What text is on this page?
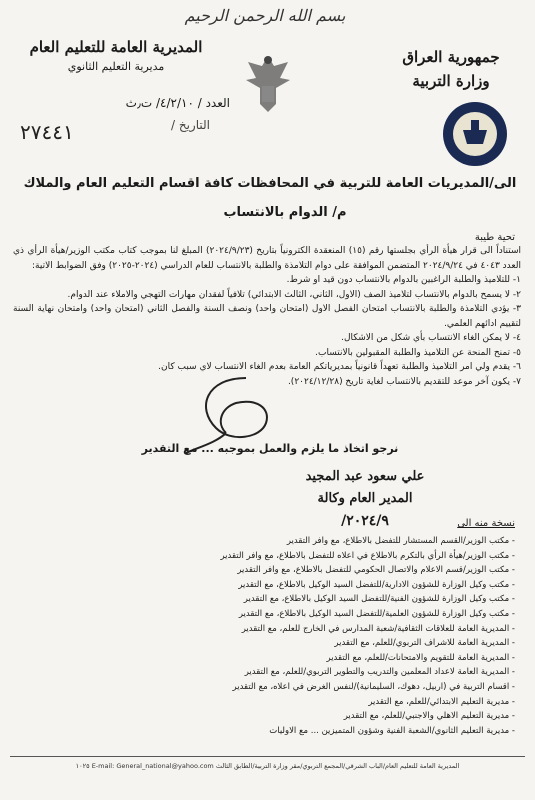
بسم الله الرحمن الرحيم
جمهورية العراق
وزارة التربية
المديرية العامة للتعليم العام
مديرية التعليم الثانوي
العدد / ٤/٢/١٠/ ت٫ث
التاريخ /
٢٧٤٤١
الى/المديريات العامة للتربية في المحافظات كافة اقسام التعليم العام والملاك
م/ الدوام بالانتساب
تحية طيبة

استناداً الى قرار هيأة الرأي بجلستها رقم (١٥) المنعقدة الكترونياً بتاريخ (٢٠٢٤/٩/٢٣) المبلغ لنا بموجب كتاب مكتب الوزير/هيأة الرأي ذي العدد ٤٠٤٣ في ٢٠٢٤/٩/٢٤ المتضمن الموافقة على دوام التلامذة والطلبة بالانتساب للعام الدراسي (٢٠٢٤-٢٠٢٥) وفق الضوابط الاتية:

١- للتلاميذ والطلبة الراغبين بالدوام بالانتساب دون قيد او شرط.

٢- لا يسمح بالدوام بالانتساب لتلاميذ الصف (الاول، الثاني، الثالث الابتدائي) تلافياً لفقدان مهارات التهجي والاملاء عند الدوام.

٣- يؤدي التلامذة والطلبة بالانتساب امتحان الفصل الاول (امتحان واحد) ونصف السنة والفصل الثاني (امتحان واحد) وامتحان نهاية السنة لتقييم ادائهم العلمي.

٤- لا يمكن الغاء الانتساب بأي شكل من الاشكال.

٥- تمنح المنحة عن التلاميذ والطلبة المقبولين بالانتساب.

٦- يقدم ولي امر التلاميذ والطلبة تعهداً قانونياً بمديرياتكم العامة بعدم الغاء الانتساب لاي سبب كان.

٧- يكون آخر موعد للتقديم بالانتساب لغاية تاريخ (٢٠٢٤/١٢/٢٨).

نرجو اتخاذ ما يلزم والعمل بموجبه ... مع التقدير
علي سعود عبد المجيد
المدير العام وكالة
٢٠٢٤/٩/	نسخة منه الى
- مكتب الوزير/القسم المستشار للتفضل بالاطلاع، مع وافر التقدير
- مكتب الوزير/هيأة الرأي بالتكرم بالاطلاع في اعلاه للتفضل بالاطلاع، مع وافر التقدير
- مكتب الوزير/قسم الاعلام والاتصال الحكومي للتفضل بالاطلاع، مع وافر التقدير
- مكتب وكيل الوزارة للشؤون الادارية/للتفضل السيد الوكيل بالاطلاع، مع التقدير
- مكتب وكيل الوزارة للشؤون الفنية/للتفضل السيد الوكيل بالاطلاع، مع التقدير
- مكتب وكيل الوزارة للشؤون العلمية/للتفضل السيد الوكيل بالاطلاع، مع التقدير
- المديرية العامة للعلاقات الثقافية/شعبة المدارس في الخارج للعلم، مع التقدير
- المديرية العامة للاشراف التربوي/للعلم، مع التقدير
- المديرية العامة للتقويم والامتحانات/للعلم، مع التقدير
- المديرية العامة لاعداد المعلمين والتدريب والتطوير التربوي/للعلم، مع التقدير
- اقسام التربية في (اربيل، دهوك، السليمانية)/لنفس الغرض في اعلاه، مع التقدير
- مديرية التعليم الابتدائي/للعلم، مع التقدير
- مديرية التعليم الاهلي والاجنبي/للعلم، مع التقدير
- مديرية التعليم الثانوي/الشعبة الفنية وشؤون المتميزين ... مع الاوليات
المديرية العامة للتعليم العام/الباب الشرقي/المجمع التربوي/مقر وزارة التربية/الطابق الثالث E-mail: General_national@yahoo.com ١٠٢٥
